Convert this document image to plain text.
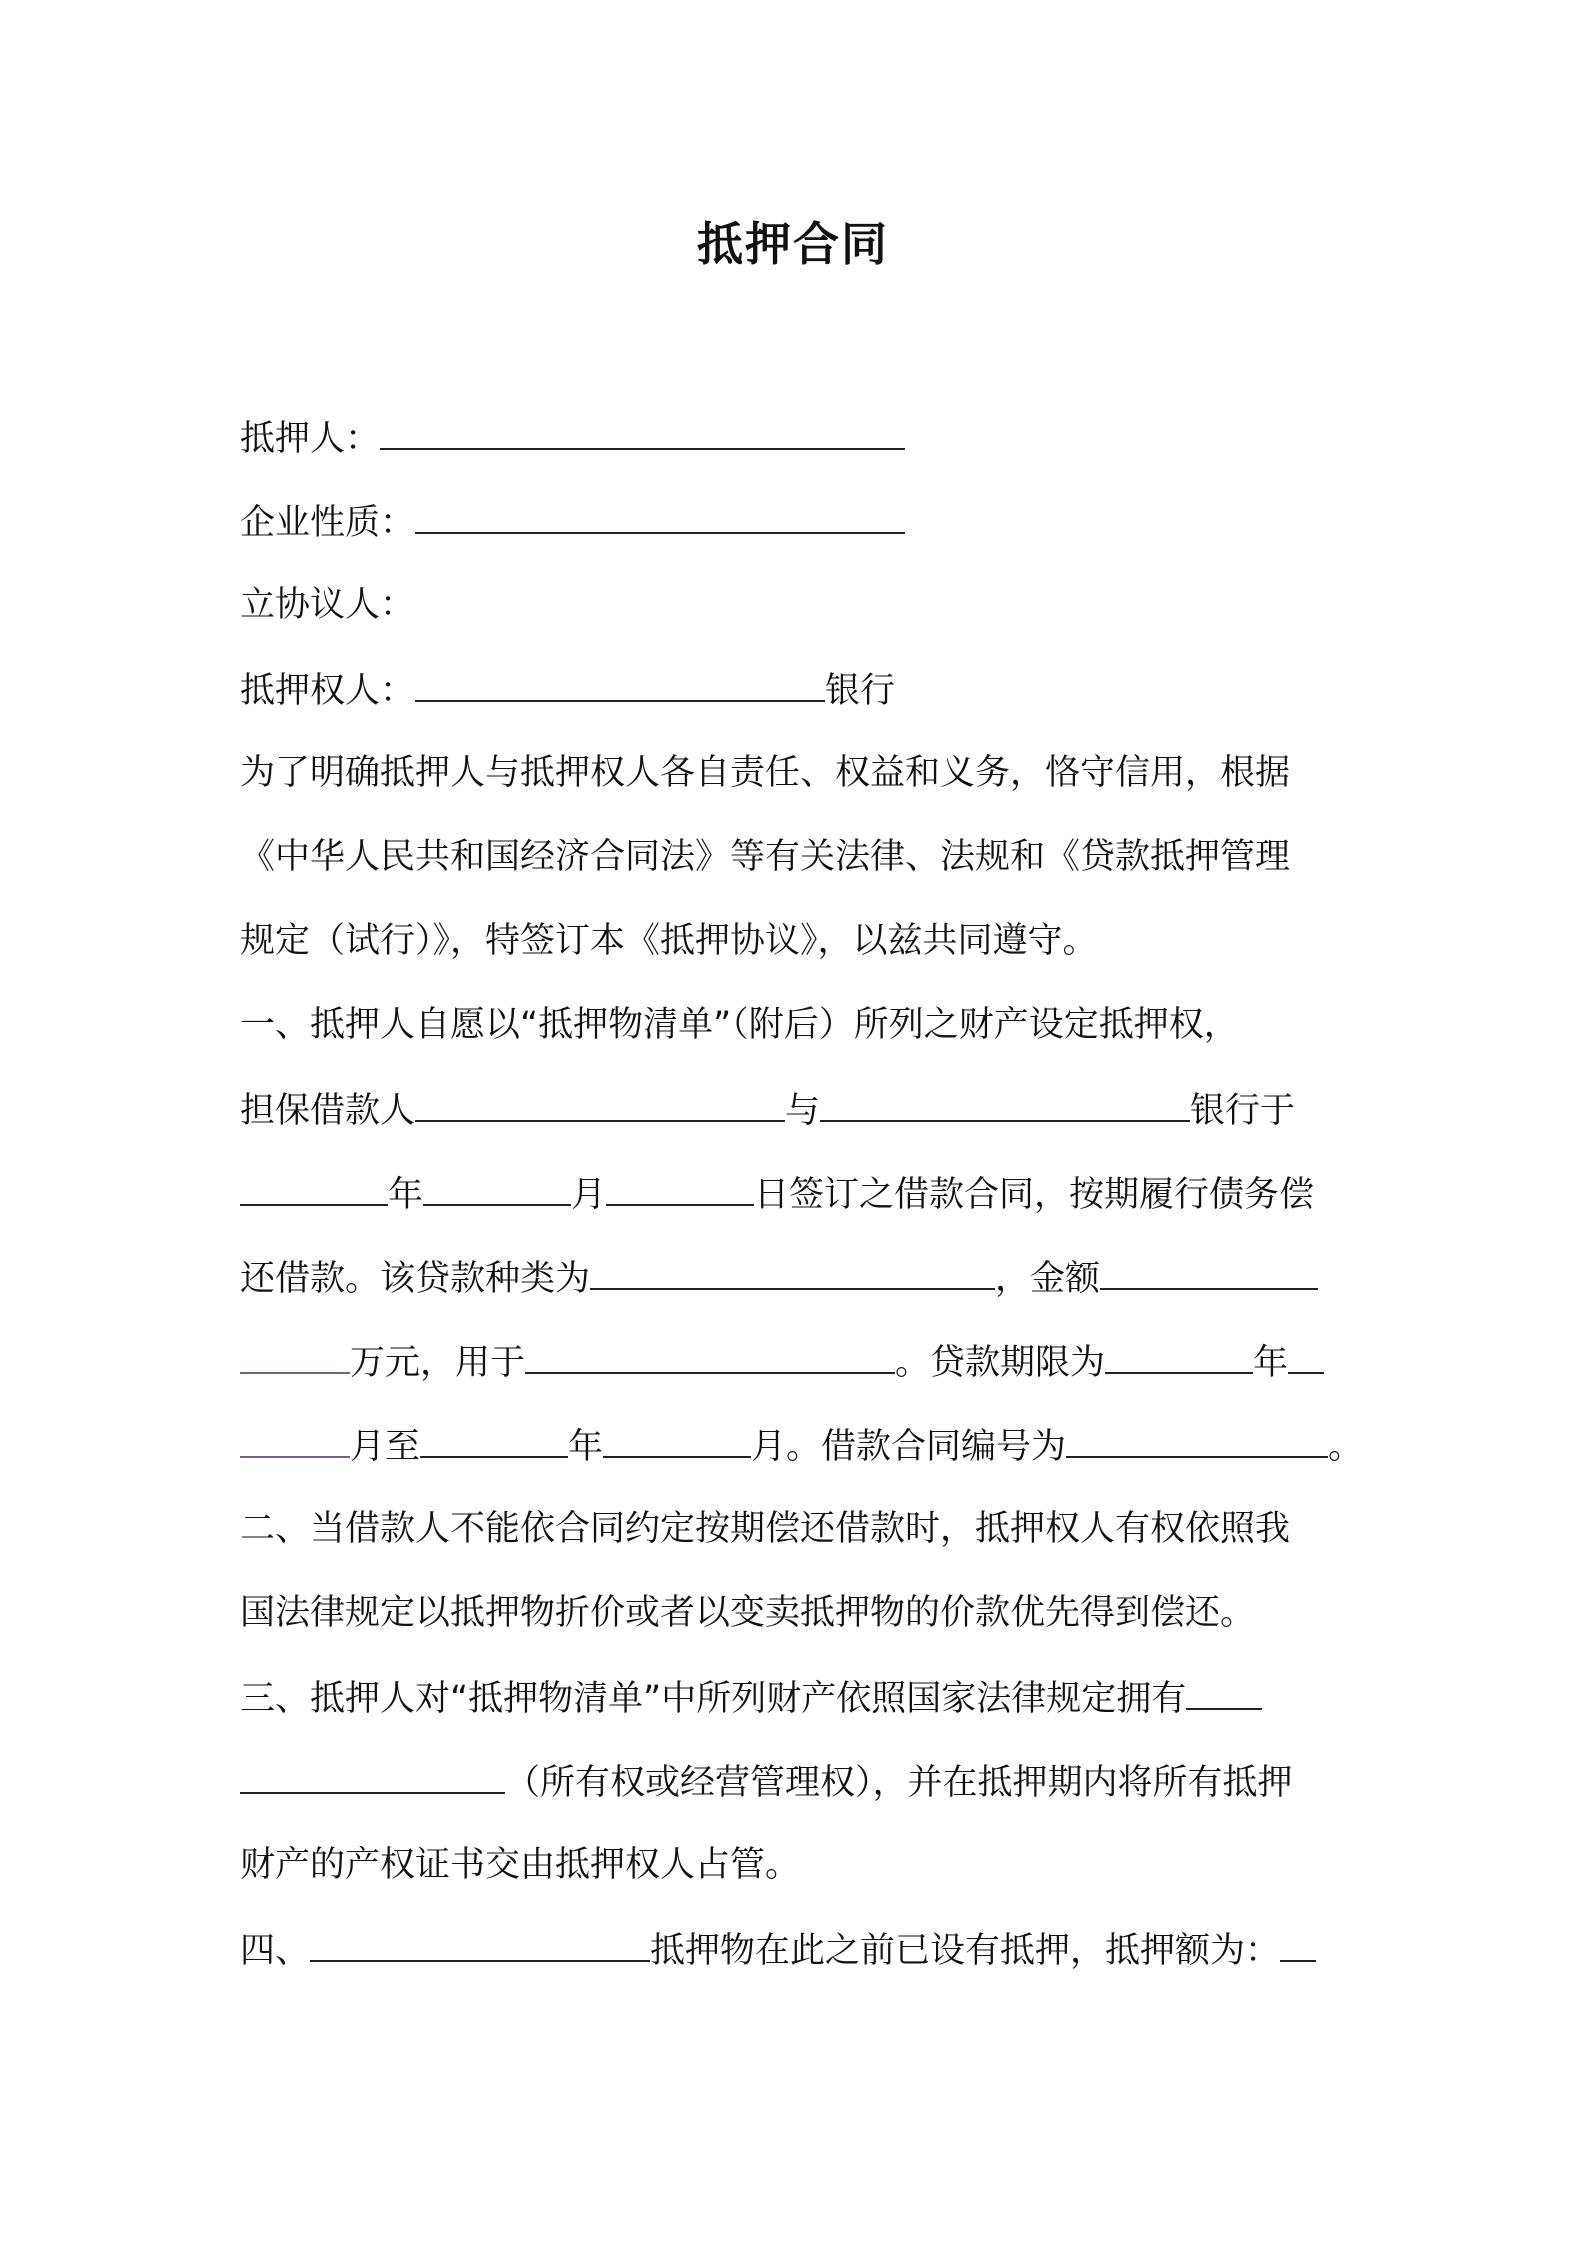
抵押合同
抵押人：
企业性质：
立协议人：
抵押权人：	银行
为了明确抵押人与抵押权人各自责任、权益和义务，恪守信用，根据
《中华人民共和国经济合同法》等有关法律、法规和《贷款抵押管理
规定（试行）》，特签订本《抵押协议》，以兹共同遵守。
一、抵押人自愿以“抵押物清单”（附后）所列之财产设定抵押权，
担保借款人	与	银行于
年	月	日签订之借款合同，按期履行债务偿
还借款。该贷款种类为	，金额
万元，用于	。贷款期限为	年
月至	年	月。借款合同编号为	。
二、当借款人不能依合同约定按期偿还借款时，抵押权人有权依照我
国法律规定以抵押物折价或者以变卖抵押物的价款优先得到偿还。
三、抵押人对“抵押物清单”中所列财产依照国家法律规定拥有
（所有权或经营管理权），并在抵押期内将所有抵押
财产的产权证书交由抵押权人占管。
四、	抵押物在此之前已设有抵押，抵押额为：
